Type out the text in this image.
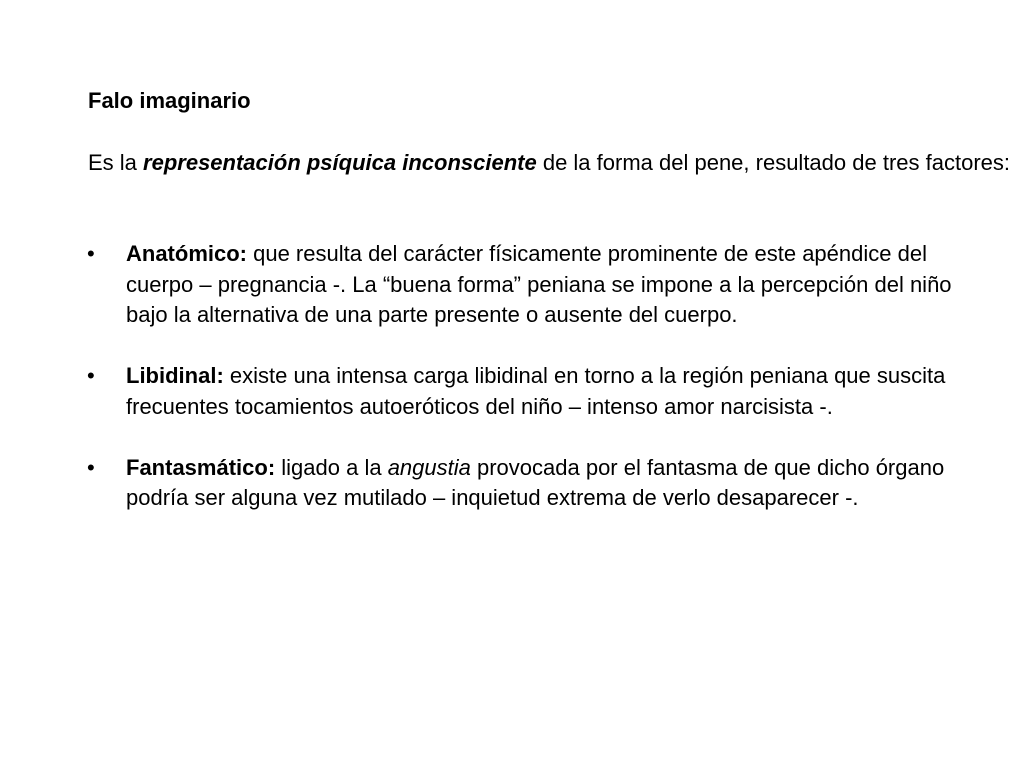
Falo imaginario

Es la representación psíquica inconsciente de la forma del pene, resultado de tres factores:

• Anatómico: que resulta del carácter físicamente prominente de este apéndice del cuerpo – pregnancia -. La “buena forma” peniana se impone a la percepción del niño bajo la alternativa de una parte presente o ausente del cuerpo.
• Libidinal: existe una intensa carga libidinal en torno a la región peniana que suscita frecuentes tocamientos autoeróticos del niño – intenso amor narcisista -.
• Fantasmático: ligado a la angustia provocada por el fantasma de que dicho órgano podría ser alguna vez mutilado – inquietud extrema de verlo desaparecer -.
